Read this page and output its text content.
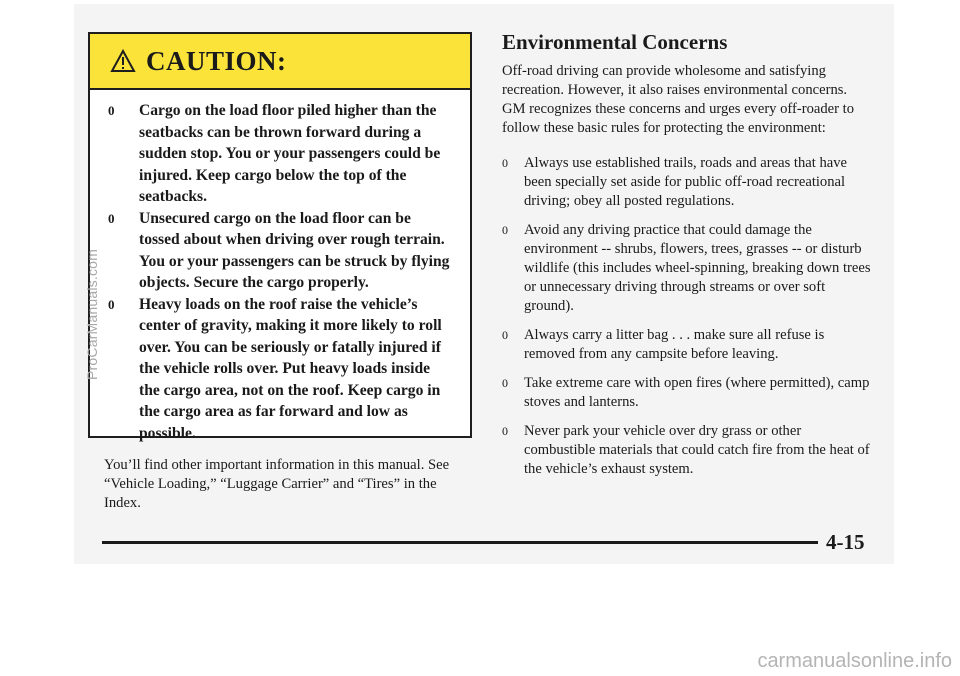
CAUTION:
0 Cargo on the load floor piled higher than the seatbacks can be thrown forward during a sudden stop. You or your passengers could be injured. Keep cargo below the top of the seatbacks.
0 Unsecured cargo on the load floor can be tossed about when driving over rough terrain. You or your passengers can be struck by flying objects. Secure the cargo properly.
0 Heavy loads on the roof raise the vehicle’s center of gravity, making it more likely to roll over. You can be seriously or fatally injured if the vehicle rolls over. Put heavy loads inside the cargo area, not on the roof. Keep cargo in the cargo area as far forward and low as possible.
You’ll find other important information in this manual. See “Vehicle Loading,” “Luggage Carrier” and “Tires” in the Index.
Environmental Concerns
Off-road driving can provide wholesome and satisfying recreation. However, it also raises environmental concerns. GM recognizes these concerns and urges every off-roader to follow these basic rules for protecting the environment:
0 Always use established trails, roads and areas that have been specially set aside for public off-road recreational driving; obey all posted regulations.
0 Avoid any driving practice that could damage the environment -- shrubs, flowers, trees, grasses -- or disturb wildlife (this includes wheel-spinning, breaking down trees or unnecessary driving through streams or over soft ground).
0 Always carry a litter bag . . . make sure all refuse is removed from any campsite before leaving.
0 Take extreme care with open fires (where permitted), camp stoves and lanterns.
0 Never park your vehicle over dry grass or other combustible materials that could catch fire from the heat of the vehicle’s exhaust system.
4-15
ProCarManuals.com
carmanualsonline.info
